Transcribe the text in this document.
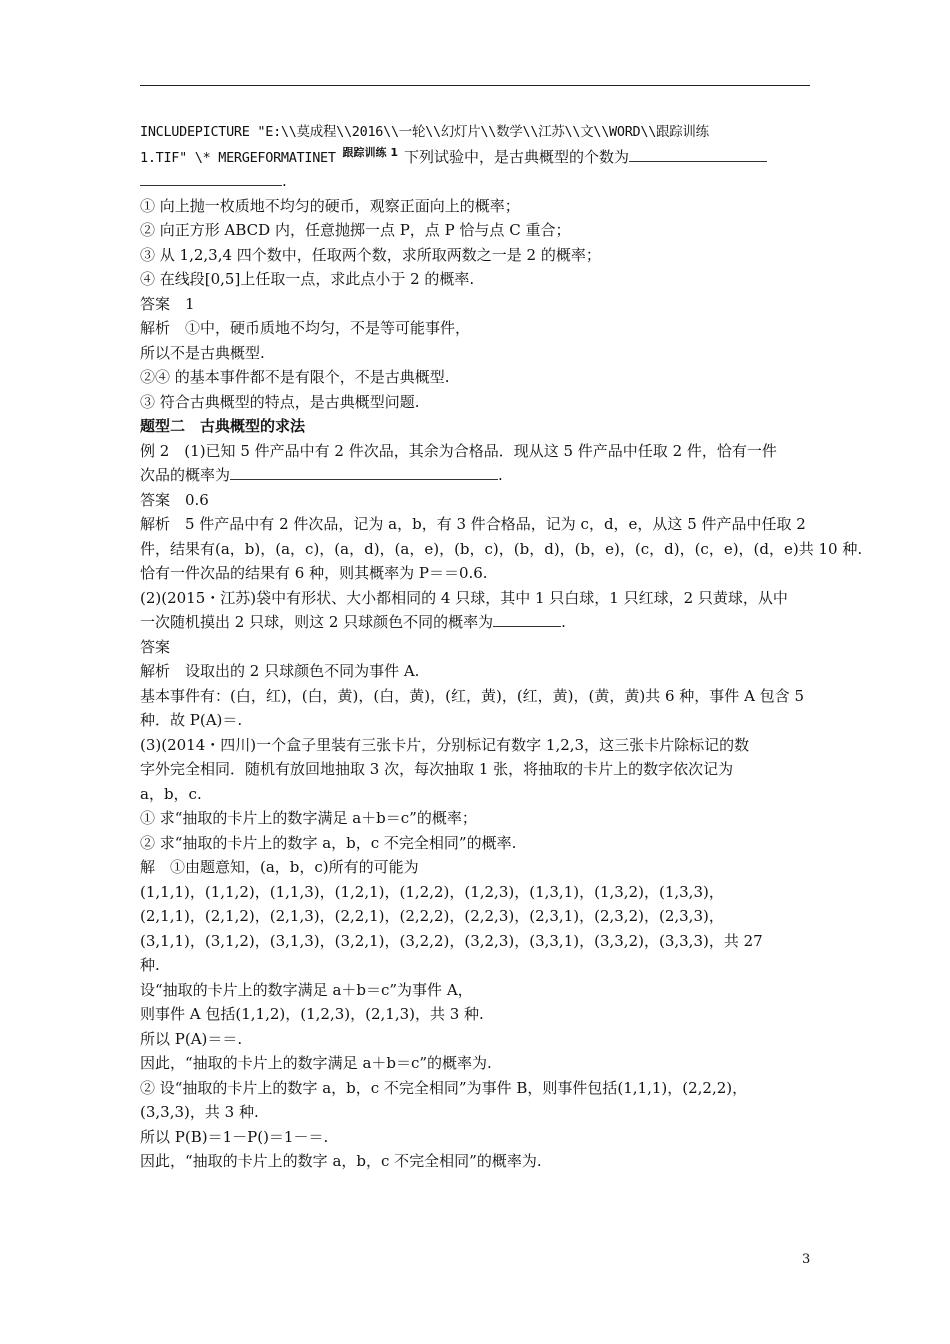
INCLUDEPICTURE "E:\\莫成程\\2016\\一轮\\幻灯片\\数学\\江苏\\文\\WORD\\跟踪训练
1.TIF" \* MERGEFORMATINET 跟踪训练 1 下列试验中，是古典概型的个数为
.
① 向上抛一枚质地不均匀的硬币，观察正面向上的概率；
② 向正方形 ABCD 内，任意抛掷一点 P，点 P 恰与点 C 重合；
③ 从 1,2,3,4 四个数中，任取两个数，求所取两数之一是 2 的概率；
④ 在线段[0,5]上任取一点，求此点小于 2 的概率.
答案　1
解析　①中，硬币质地不均匀，不是等可能事件，
所以不是古典概型.
②④ 的基本事件都不是有限个，不是古典概型.
③ 符合古典概型的特点，是古典概型问题.
题型二　古典概型的求法
例 2　(1)已知 5 件产品中有 2 件次品，其余为合格品．现从这 5 件产品中任取 2 件，恰有一件
次品的概率为	.
答案　0.6
解析　5 件产品中有 2 件次品，记为 a，b，有 3 件合格品，记为 c，d，e，从这 5 件产品中任取 2
件，结果有(a，b)，(a，c)，(a，d)，(a，e)，(b，c)，(b，d)，(b，e)，(c，d)，(c，e)，(d，e)共 10 种.
恰有一件次品的结果有 6 种，则其概率为 P＝＝0.6.
(2)(2015・江苏)袋中有形状、大小都相同的 4 只球，其中 1 只白球，1 只红球，2 只黄球，从中
一次随机摸出 2 只球，则这 2 只球颜色不同的概率为	.
答案
解析　设取出的 2 只球颜色不同为事件 A.
基本事件有：(白，红)，(白，黄)，(白，黄)，(红，黄)，(红，黄)，(黄，黄)共 6 种，事件 A 包含 5
种．故 P(A)＝.
(3)(2014・四川)一个盒子里装有三张卡片，分别标记有数字 1,2,3，这三张卡片除标记的数
字外完全相同．随机有放回地抽取 3 次，每次抽取 1 张，将抽取的卡片上的数字依次记为
a，b，c.
① 求“抽取的卡片上的数字满足 a＋b＝c”的概率；
② 求“抽取的卡片上的数字 a，b，c 不完全相同”的概率.
解　①由题意知，(a，b，c)所有的可能为
(1,1,1)，(1,1,2)，(1,1,3)，(1,2,1)，(1,2,2)，(1,2,3)，(1,3,1)，(1,3,2)，(1,3,3)，
(2,1,1)，(2,1,2)，(2,1,3)，(2,2,1)，(2,2,2)，(2,2,3)，(2,3,1)，(2,3,2)，(2,3,3)，
(3,1,1)，(3,1,2)，(3,1,3)，(3,2,1)，(3,2,2)，(3,2,3)，(3,3,1)，(3,3,2)，(3,3,3)，共 27
种.
设“抽取的卡片上的数字满足 a＋b＝c”为事件 A，
则事件 A 包括(1,1,2)，(1,2,3)，(2,1,3)，共 3 种.
所以 P(A)＝＝.
因此，“抽取的卡片上的数字满足 a＋b＝c”的概率为.
② 设“抽取的卡片上的数字 a，b，c 不完全相同”为事件 B，则事件包括(1,1,1)，(2,2,2)，
(3,3,3)，共 3 种.
所以 P(B)＝1－P()＝1－＝.
因此，“抽取的卡片上的数字 a，b，c 不完全相同”的概率为.
3
